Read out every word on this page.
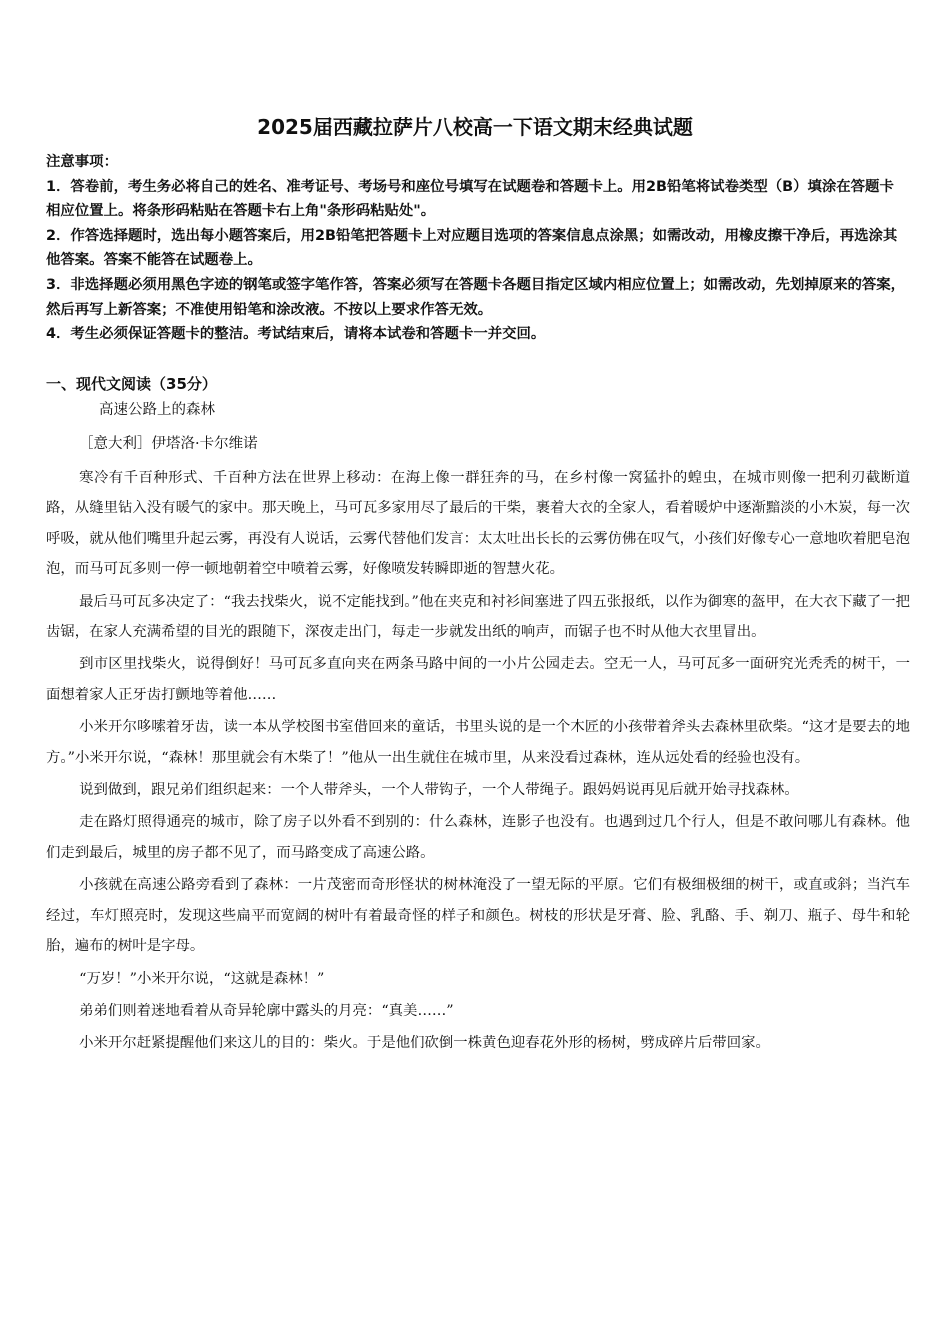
2025届西藏拉萨片八校高一下语文期末经典试题

注意事项：

1．答卷前，考生务必将自己的姓名、准考证号、考场号和座位号填写在试题卷和答题卡上。用2B铅笔将试卷类型（B）填涂在答题卡相应位置上。将条形码粘贴在答题卡右上角"条形码粘贴处"。

2．作答选择题时，选出每小题答案后，用2B铅笔把答题卡上对应题目选项的答案信息点涂黑；如需改动，用橡皮擦干净后，再选涂其他答案。答案不能答在试题卷上。

3．非选择题必须用黑色字迹的钢笔或签字笔作答，答案必须写在答题卡各题目指定区域内相应位置上；如需改动，先划掉原来的答案，然后再写上新答案；不准使用铅笔和涂改液。不按以上要求作答无效。

4．考生必须保证答题卡的整洁。考试结束后，请将本试卷和答题卡一并交回。

一、现代文阅读（35分）

高速公路上的森林

［意大利］伊塔洛·卡尔维诺

寒冷有千百种形式、千百种方法在世界上移动：在海上像一群狂奔的马，在乡村像一窝猛扑的蝗虫，在城市则像一把利刃截断道路，从缝里钻入没有暖气的家中。那天晚上，马可瓦多家用尽了最后的干柴，裹着大衣的全家人，看着暖炉中逐渐黯淡的小木炭，每一次呼吸，就从他们嘴里升起云雾，再没有人说话，云雾代替他们发言：太太吐出长长的云雾仿佛在叹气，小孩们好像专心一意地吹着肥皂泡泡，而马可瓦多则一停一顿地朝着空中喷着云雾，好像喷发转瞬即逝的智慧火花。

最后马可瓦多决定了：“我去找柴火，说不定能找到。”他在夹克和衬衫间塞进了四五张报纸，以作为御寒的盔甲，在大衣下藏了一把齿锯，在家人充满希望的目光的跟随下，深夜走出门，每走一步就发出纸的响声，而锯子也不时从他大衣里冒出。

到市区里找柴火，说得倒好！马可瓦多直向夹在两条马路中间的一小片公园走去。空无一人，马可瓦多一面研究光秃秃的树干，一面想着家人正牙齿打颤地等着他……

小米开尔哆嗦着牙齿，读一本从学校图书室借回来的童话，书里头说的是一个木匠的小孩带着斧头去森林里砍柴。“这才是要去的地方。”小米开尔说，“森林！那里就会有木柴了！”他从一出生就住在城市里，从来没看过森林，连从远处看的经验也没有。

说到做到，跟兄弟们组织起来：一个人带斧头，一个人带钩子，一个人带绳子。跟妈妈说再见后就开始寻找森林。

走在路灯照得通亮的城市，除了房子以外看不到别的：什么森林，连影子也没有。也遇到过几个行人，但是不敢问哪儿有森林。他们走到最后，城里的房子都不见了，而马路变成了高速公路。

小孩就在高速公路旁看到了森林：一片茂密而奇形怪状的树林淹没了一望无际的平原。它们有极细极细的树干，或直或斜；当汽车经过，车灯照亮时，发现这些扁平而宽阔的树叶有着最奇怪的样子和颜色。树枝的形状是牙膏、脸、乳酪、手、剃刀、瓶子、母牛和轮胎，遍布的树叶是字母。

“万岁！”小米开尔说，“这就是森林！”

弟弟们则着迷地看着从奇异轮廓中露头的月亮：“真美……”

小米开尔赶紧提醒他们来这儿的目的：柴火。于是他们砍倒一株黄色迎春花外形的杨树，劈成碎片后带回家。
